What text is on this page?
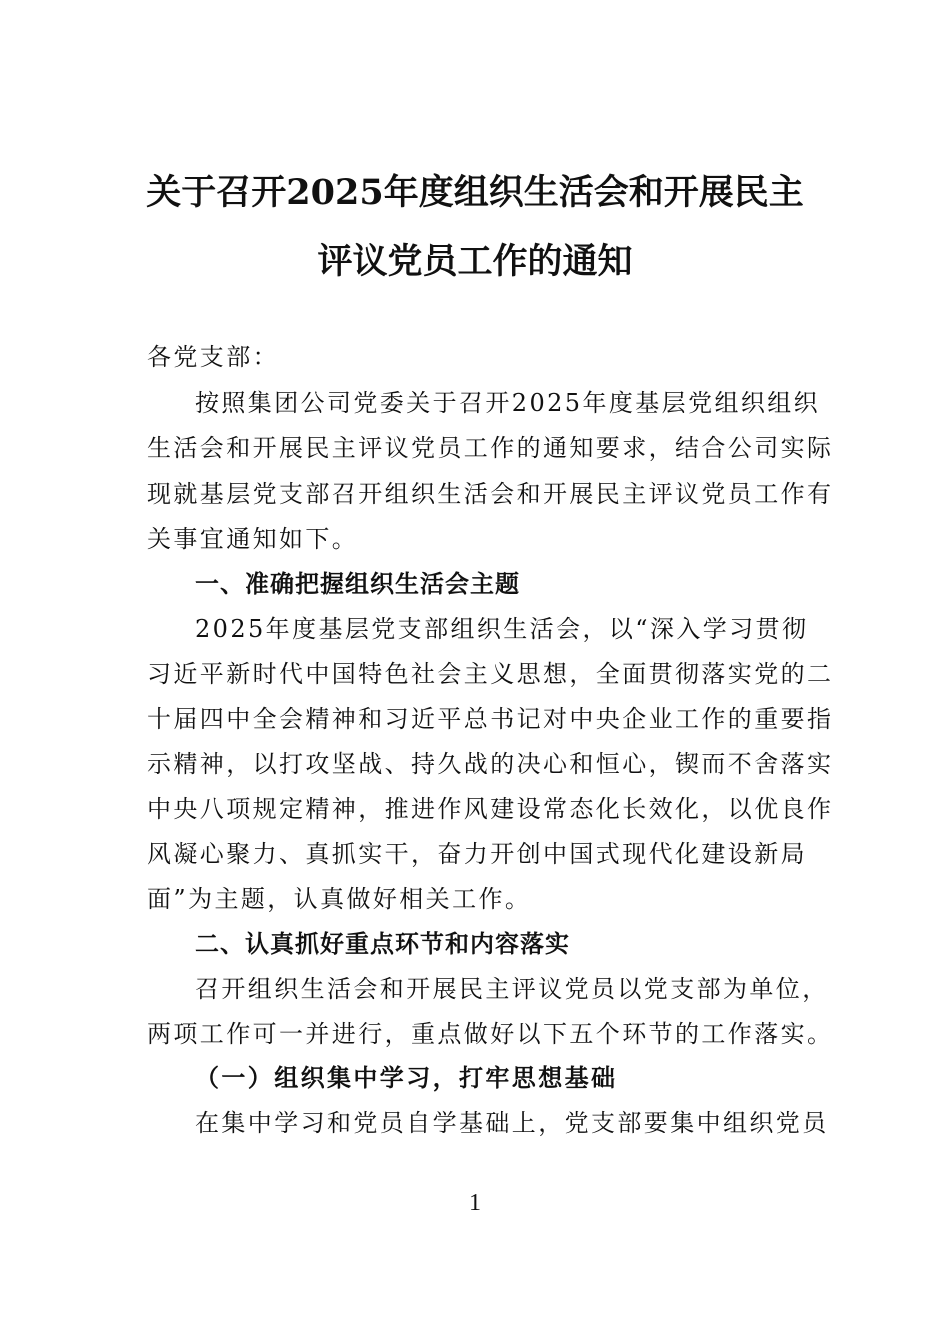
关于召开2025年度组织生活会和开展民主
评议党员工作的通知
各党支部：
按照集团公司党委关于召开2025年度基层党组织组织
生活会和开展民主评议党员工作的通知要求，结合公司实际
现就基层党支部召开组织生活会和开展民主评议党员工作有
关事宜通知如下。
一、准确把握组织生活会主题
2025年度基层党支部组织生活会，以“深入学习贯彻
习近平新时代中国特色社会主义思想，全面贯彻落实党的二
十届四中全会精神和习近平总书记对中央企业工作的重要指
示精神，以打攻坚战、持久战的决心和恒心，锲而不舍落实
中央八项规定精神，推进作风建设常态化长效化，以优良作
风凝心聚力、真抓实干，奋力开创中国式现代化建设新局
面”为主题，认真做好相关工作。
二、认真抓好重点环节和内容落实
召开组织生活会和开展民主评议党员以党支部为单位，
两项工作可一并进行，重点做好以下五个环节的工作落实。
（一）组织集中学习，打牢思想基础
在集中学习和党员自学基础上，党支部要集中组织党员
1
